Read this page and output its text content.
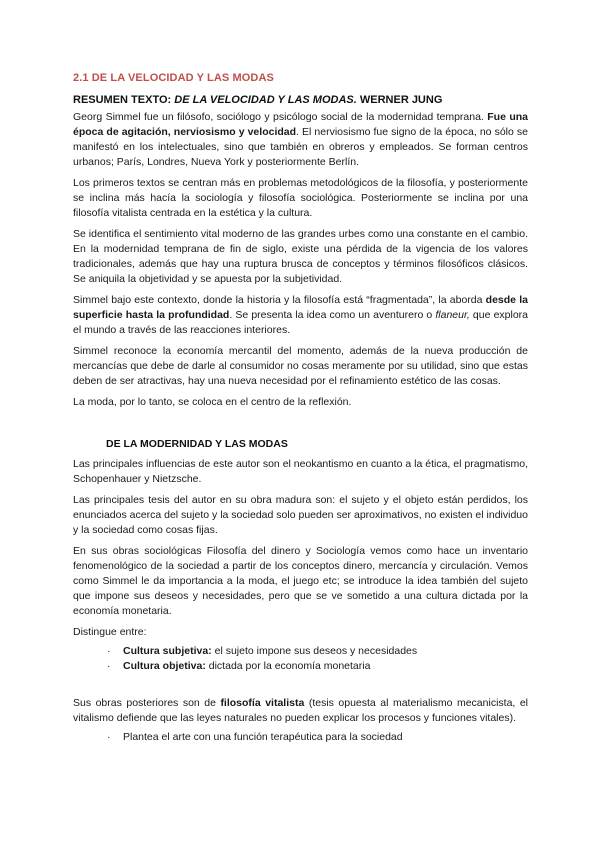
2.1 DE LA VELOCIDAD Y LAS MODAS
RESUMEN TEXTO: DE LA VELOCIDAD Y LAS MODAS. WERNER JUNG

Georg Simmel fue un filósofo, sociólogo y psicólogo social de la modernidad temprana. Fue una época de agitación, nerviosismo y velocidad. El nerviosismo fue signo de la época, no sólo se manifestó en los intelectuales, sino que también en obreros y empleados. Se forman centros urbanos; París, Londres, Nueva York y posteriormente Berlín.

Los primeros textos se centran más en problemas metodológicos de la filosofía, y posteriormente se inclina más hacía la sociología y filosofía sociológica. Posteriormente se inclina por una filosofía vitalista centrada en la estética y la cultura.

Se identifica el sentimiento vital moderno de las grandes urbes como una constante en el cambio. En la modernidad temprana de fin de siglo, existe una pérdida de la vigencia de los valores tradicionales, además que hay una ruptura brusca de conceptos y términos filosóficos clásicos. Se aniquila la objetividad y se apuesta por la subjetividad.

Simmel bajo este contexto, donde la historia y la filosofía está “fragmentada”, la aborda desde la superficie hasta la profundidad. Se presenta la idea como un aventurero o flaneur, que explora el mundo a través de las reacciones interiores.

Simmel reconoce la economía mercantil del momento, además de la nueva producción de mercancías que debe de darle al consumidor no cosas meramente por su utilidad, sino que estas deben de ser atractivas, hay una nueva necesidad por el refinamiento estético de las cosas.

La moda, por lo tanto, se coloca en el centro de la reflexión.

DE LA MODERNIDAD Y LAS MODAS

Las principales influencias de este autor son el neokantismo en cuanto a la ética, el pragmatismo, Schopenhauer y Nietzsche.

Las principales tesis del autor en su obra madura son: el sujeto y el objeto están perdidos, los enunciados acerca del sujeto y la sociedad solo pueden ser aproximativos, no existen el individuo y la sociedad como cosas fijas.

En sus obras sociológicas Filosofía del dinero y Sociología vemos como hace un inventario fenomenológico de la sociedad a partir de los conceptos dinero, mercancía y circulación. Vemos como Simmel le da importancia a la moda, el juego etc; se introduce la idea también del sujeto que impone sus deseos y necesidades, pero que se ve sometido a una cultura dictada por la economía monetaria.

Distingue entre:

· Cultura subjetiva: el sujeto impone sus deseos y necesidades
· Cultura objetiva: dictada por la economía monetaria

Sus obras posteriores son de filosofía vitalista (tesis opuesta al materialismo mecanicista, el vitalismo defiende que las leyes naturales no pueden explicar los procesos y funciones vitales).

· Plantea el arte con una función terapéutica para la sociedad
